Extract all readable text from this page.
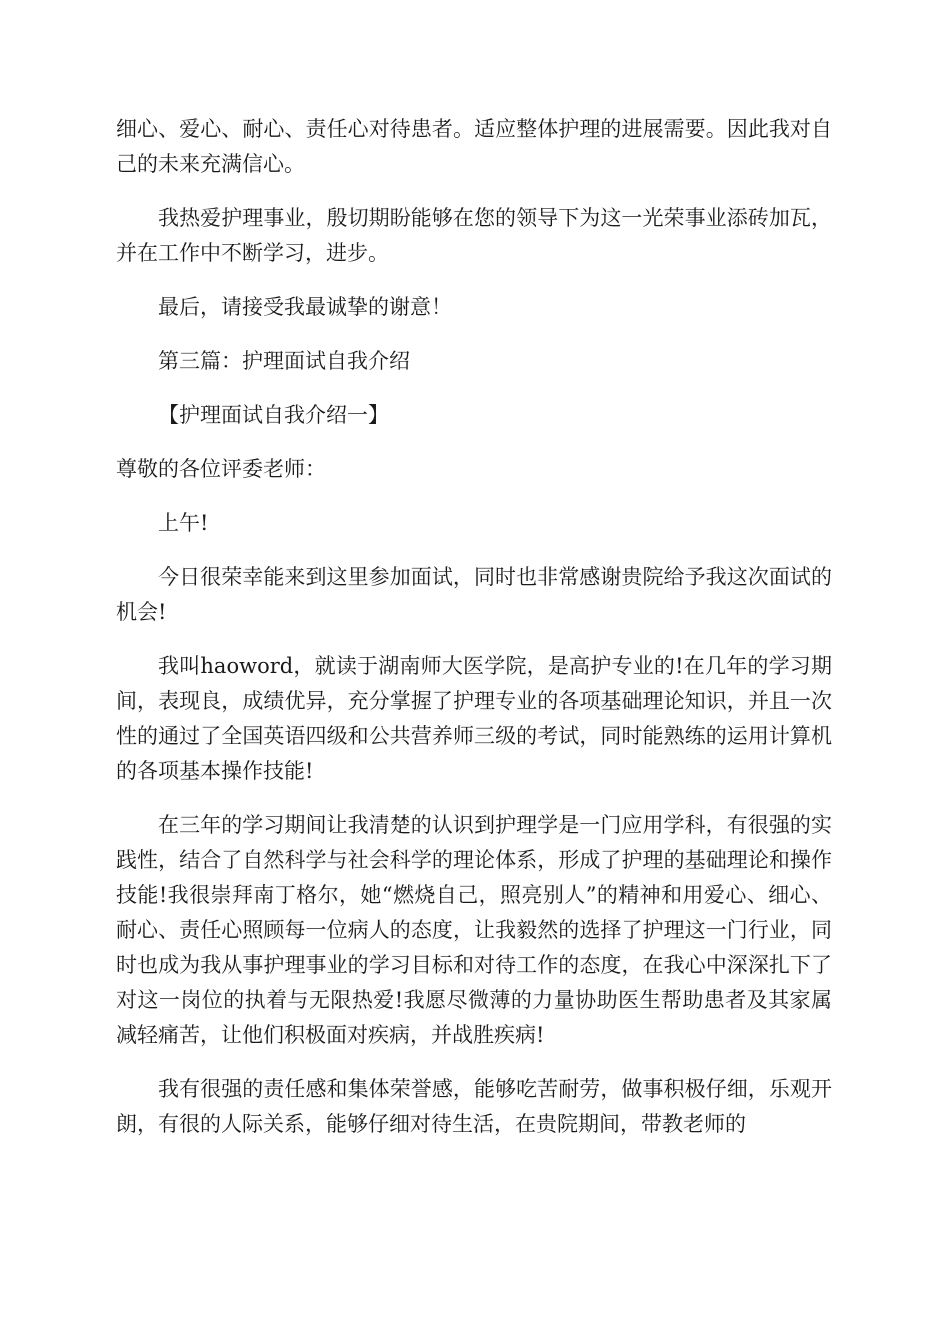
细心、爱心、耐心、责任心对待患者。适应整体护理的进展需要。因此我对自己的未来充满信心。

我热爱护理事业，殷切期盼能够在您的领导下为这一光荣事业添砖加瓦，并在工作中不断学习，进步。

最后，请接受我最诚挚的谢意！

第三篇：护理面试自我介绍

【护理面试自我介绍一】

尊敬的各位评委老师：

上午!

今日很荣幸能来到这里参加面试，同时也非常感谢贵院给予我这次面试的机会!

我叫haoword，就读于湖南师大医学院，是高护专业的!在几年的学习期间，表现良，成绩优异，充分掌握了护理专业的各项基础理论知识，并且一次性的通过了全国英语四级和公共营养师三级的考试，同时能熟练的运用计算机的各项基本操作技能!

在三年的学习期间让我清楚的认识到护理学是一门应用学科，有很强的实践性，结合了自然科学与社会科学的理论体系，形成了护理的基础理论和操作技能!我很崇拜南丁格尔，她“燃烧自己，照亮别人”的精神和用爱心、细心、耐心、责任心照顾每一位病人的态度，让我毅然的选择了护理这一门行业，同时也成为我从事护理事业的学习目标和对待工作的态度，在我心中深深扎下了对这一岗位的执着与无限热爱!我愿尽微薄的力量协助医生帮助患者及其家属减轻痛苦，让他们积极面对疾病，并战胜疾病!

我有很强的责任感和集体荣誉感，能够吃苦耐劳，做事积极仔细，乐观开朗，有很的人际关系，能够仔细对待生活，在贵院期间，带教老师的
